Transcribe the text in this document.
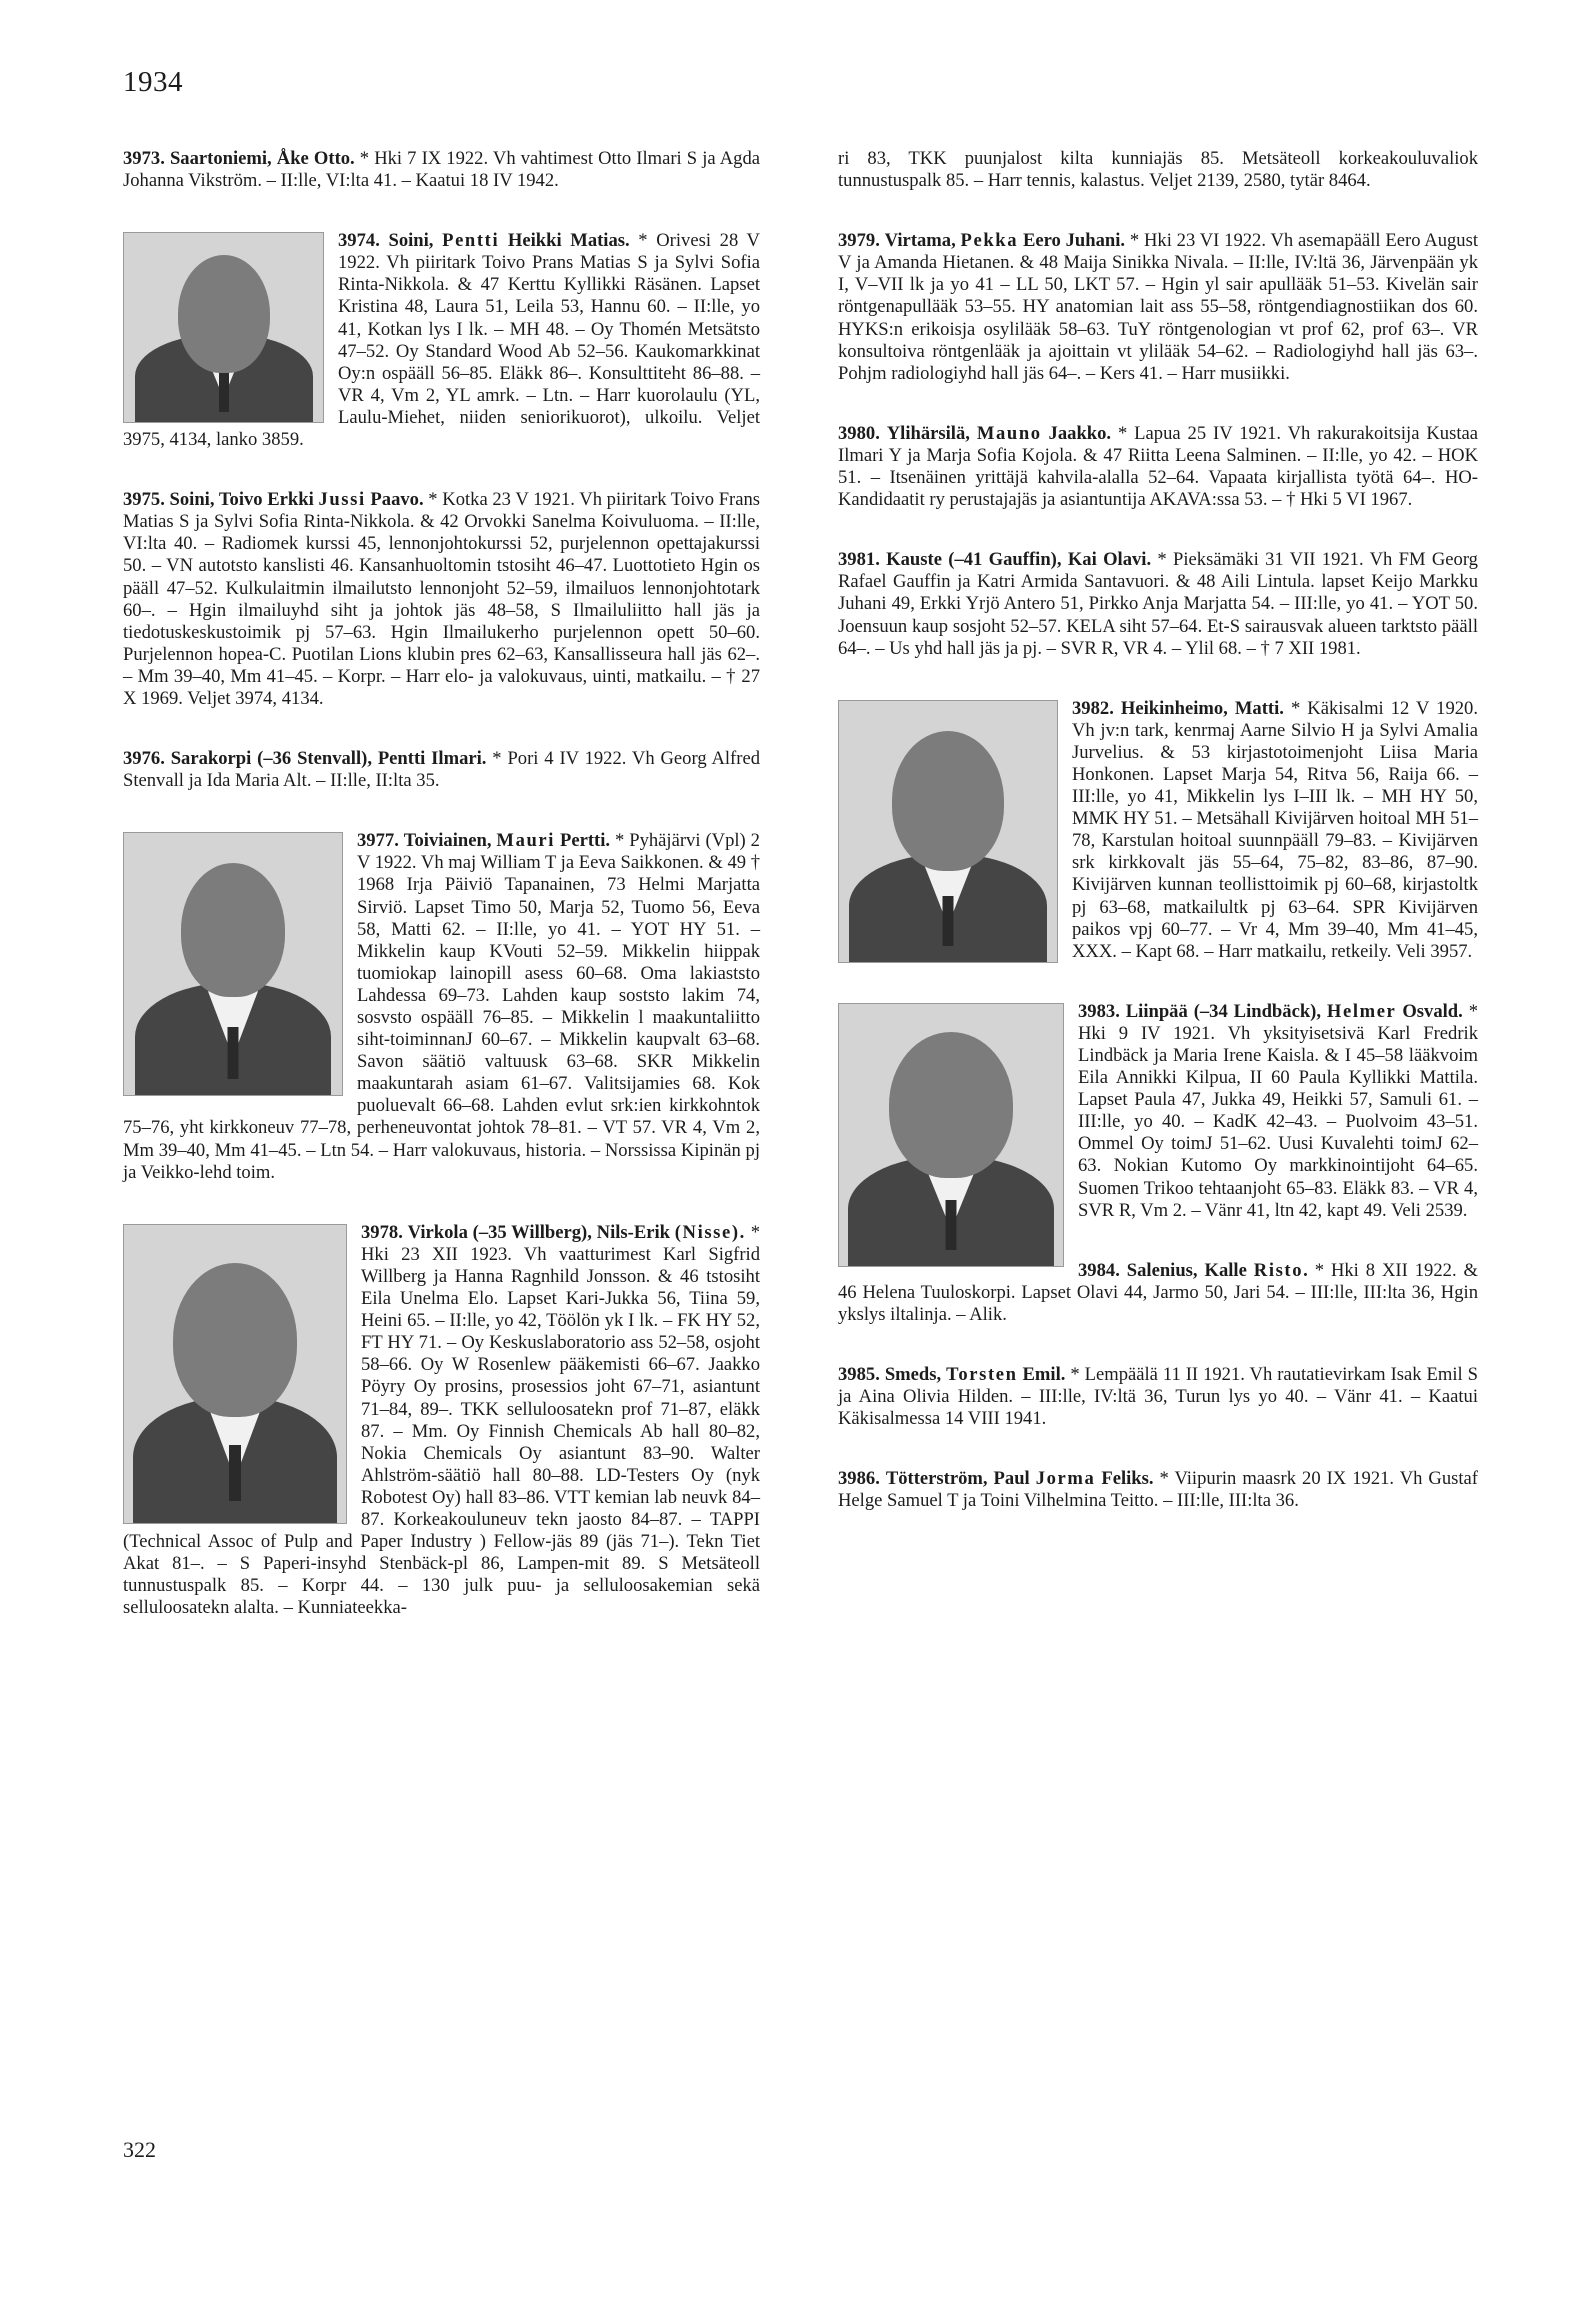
1934

3973. Saartoniemi, Åke Otto. * Hki 7 IX 1922. Vh vahtimest Otto Ilmari S ja Agda Johanna Vikström. – II:lle, VI:lta 41. – Kaatui 18 IV 1942.

3974. Soini, Pentti Heikki Matias.
* Orivesi 28 V 1922. Vh piiritark Toivo Prans Matias S ja Sylvi Sofia Rinta-Nikkola. & 47 Kerttu Kyllikki Räsänen. Lapset Kristina 48, Laura 51, Leila 53, Hannu 60. – II:lle, yo 41, Kotkan lys I lk. – MH 48. – Oy Thomén Metsätsto 47–52. Oy Standard Wood Ab 52–56. Kaukomarkkinat Oy:n ospääll 56–85. Eläkk 86–. Konsulttiteht 86–88. – VR 4, Vm 2, YL amrk. – Ltn. – Harr kuorolaulu (YL, Laulu-Miehet, niiden seniorikuorot), ulkoilu. Veljet 3975, 4134, lanko 3859.

3975. Soini, Toivo Erkki Jussi Paavo. * Kotka 23 V 1921. Vh piiritark Toivo Frans Matias S ja Sylvi Sofia Rinta-Nikkola. & 42 Orvokki Sanelma Koivuluoma. – II:lle, VI:lta 40. – Radiomek kurssi 45, lennonjohtokurssi 52, purjelennon opettajakurssi 50. – VN autotsto kanslisti 46. Kansanhuoltomin tstosiht 46–47. Luottotieto Hgin os pääll 47–52. Kulkulaitmin ilmailutsto lennonjoht 52–59, ilmailuos lennonjohtotark 60–. – Hgin ilmailuyhd siht ja johtok jäs 48–58, S Ilmailuliitto hall jäs ja tiedotuskeskustoimik pj 57–63. Hgin Ilmailukerho purjelennon opett 50–60. Purjelennon hopea-C. Puotilan Lions klubin pres 62–63, Kansallisseura hall jäs 62–. – Mm 39–40, Mm 41–45. – Korpr. – Harr elo- ja valokuvaus, uinti, matkailu. – † 27 X 1969. Veljet 3974, 4134.

3976. Sarakorpi (–36 Stenvall), Pentti Ilmari. * Pori 4 IV 1922. Vh Georg Alfred Stenvall ja Ida Maria Alt. – II:lle, II:lta 35.

3977. Toiviainen, Mauri Pertti.
* Pyhäjärvi (Vpl) 2 V 1922. Vh maj William T ja Eeva Saikkonen. & 49 † 1968 Irja Päiviö Tapanainen, 73 Helmi Marjatta Sirviö. Lapset Timo 50, Marja 52, Tuomo 56, Eeva 58, Matti 62. – II:lle, yo 41. – YOT HY 51. – Mikkelin kaup KVouti 52–59. Mikkelin hiippak tuomiokap lainopill asess 60–68. Oma lakiaststo Lahdessa 69–73. Lahden kaup soststo lakim 74, sosvsto ospääll 76–85. – Mikkelin l maakuntaliitto siht-toiminnanJ 60–67. – Mikkelin kaupvalt 63–68. Savon säätiö valtuusk 63–68. SKR Mikkelin maakuntarah asiam 61–67. Valitsijamies 68. Kok puoluevalt 66–68. Lahden evlut srk:ien kirkkohntok 75–76, yht kirkkoneuv 77–78, perheneuvontat johtok 78–81. – VT 57. VR 4, Vm 2, Mm 39–40, Mm 41–45. – Ltn 54. – Harr valokuvaus, historia. – Norssissa Kipinän pj ja Veikko-lehd toim.

3978. Virkola (–35 Willberg), Nils-Erik (Nisse).
* Hki 23 XII 1923. Vh vaatturimest Karl Sigfrid Willberg ja Hanna Ragnhild Jonsson. & 46 tstosiht Eila Unelma Elo. Lapset Kari-Jukka 56, Tiina 59, Heini 65. – II:lle, yo 42, Töölön yk I lk. – FK HY 52, FT HY 71. – Oy Keskuslaboratorio ass 52–58, osjoht 58–66. Oy W Rosenlew pääkemisti 66–67. Jaakko Pöyry Oy prosins, prosessios joht 67–71, asiantunt 71–84, 89–. TKK selluloosatekn prof 71–87, eläkk 87. – Mm. Oy Finnish Chemicals Ab hall 80–82, Nokia Chemicals Oy asiantunt 83–90. Walter Ahlström-säätiö hall 80–88. LD-Testers Oy (nyk Robotest Oy) hall 83–86. VTT kemian lab neuvk 84–87. Korkeakouluneuv tekn jaosto 84–87. – TAPPI (Technical Assoc of Pulp and Paper Industry ) Fellow-jäs 89 (jäs 71–). Tekn Tiet Akat 81–. – S Paperi-insyhd Stenbäck-pl 86, Lampen-mit 89. S Metsäteoll tunnustuspalk 85. – Korpr 44. – 130 julk puu- ja selluloosakemian sekä selluloosatekn alalta. – Kunniateekka-

ri 83, TKK puunjalost kilta kunniajäs 85. Metsäteoll korkeakouluvaliok tunnustuspalk 85. – Harr tennis, kalastus. Veljet 2139, 2580, tytär 8464.

3979. Virtama, Pekka Eero Juhani. * Hki 23 VI 1922. Vh asemapääll Eero August V ja Amanda Hietanen. & 48 Maija Sinikka Nivala. – II:lle, IV:ltä 36, Järvenpään yk I, V–VII lk ja yo 41 – LL 50, LKT 57. – Hgin yl sair apullääk 51–53. Kivelän sair röntgenapullääk 53–55. HY anatomian lait ass 55–58, röntgendiagnostiikan dos 60. HYKS:n erikoisja osylilääk 58–63. TuY röntgenologian vt prof 62, prof 63–. VR konsultoiva röntgenlääk ja ajoittain vt ylilääk 54–62. – Radiologiyhd hall jäs 63–. Pohjm radiologiyhd hall jäs 64–. – Kers 41. – Harr musiikki.

3980. Ylihärsilä, Mauno Jaakko. * Lapua 25 IV 1921. Vh rakurakoitsija Kustaa Ilmari Y ja Marja Sofia Kojola. & 47 Riitta Leena Salminen. – II:lle, yo 42. – HOK 51. – Itsenäinen yrittäjä kahvila-alalla 52–64. Vapaata kirjallista työtä 64–. HO-Kandidaatit ry perustajajäs ja asiantuntija AKAVA:ssa 53. – † Hki 5 VI 1967.

3981. Kauste (–41 Gauffin), Kai Olavi. * Pieksämäki 31 VII 1921. Vh FM Georg Rafael Gauffin ja Katri Armida Santavuori. & 48 Aili Lintula. lapset Keijo Markku Juhani 49, Erkki Yrjö Antero 51, Pirkko Anja Marjatta 54. – III:lle, yo 41. – YOT 50. Joensuun kaup sosjoht 52–57. KELA siht 57–64. Et-S sairausvak alueen tarktsto pääll 64–. – Us yhd hall jäs ja pj. – SVR R, VR 4. – Ylil 68. – † 7 XII 1981.

3982. Heikinheimo, Matti.
* Käkisalmi 12 V 1920. Vh jv:n tark, kenrmaj Aarne Silvio H ja Sylvi Amalia Jurvelius. & 53 kirjastotoimenjoht Liisa Maria Honkonen. Lapset Marja 54, Ritva 56, Raija 66. – III:lle, yo 41, Mikkelin lys I–III lk. – MH HY 50, MMK HY 51. – Metsähall Kivijärven hoitoal MH 51–78, Karstulan hoitoal suunnpääll 79–83. – Kivijärven srk kirkkovalt jäs 55–64, 75–82, 83–86, 87–90. Kivijärven kunnan teollisttoimik pj 60–68, kirjastoltk pj 63–68, matkailultk pj 63–64. SPR Kivijärven paikos vpj 60–77. – Vr 4, Mm 39–40, Mm 41–45, XXX. – Kapt 68. – Harr matkailu, retkeily. Veli 3957.

3983. Liinpää (–34 Lindbäck), Helmer Osvald.
* Hki 9 IV 1921. Vh yksityisetsivä Karl Fredrik Lindbäck ja Maria Irene Kaisla. & I 45–58 lääkvoim Eila Annikki Kilpua, II 60 Paula Kyllikki Mattila. Lapset Paula 47, Jukka 49, Heikki 57, Samuli 61. – III:lle, yo 40. – KadK 42–43. – Puolvoim 43–51. Ommel Oy toimJ 51–62. Uusi Kuvalehti toimJ 62–63. Nokian Kutomo Oy markkinointijoht 64–65. Suomen Trikoo tehtaanjoht 65–83. Eläkk 83. – VR 4, SVR R, Vm 2. – Vänr 41, ltn 42, kapt 49. Veli 2539.

3984. Salenius, Kalle Risto. * Hki 8 XII 1922. & 46 Helena Tuuloskorpi. Lapset Olavi 44, Jarmo 50, Jari 54. – III:lle, III:lta 36, Hgin ykslys iltalinja. – Alik.

3985. Smeds, Torsten Emil. * Lempäälä 11 II 1921. Vh rautatievirkam Isak Emil S ja Aina Olivia Hilden. – III:lle, IV:ltä 36, Turun lys yo 40. – Vänr 41. – Kaatui Käkisalmessa 14 VIII 1941.

3986. Tötterström, Paul Jorma Feliks. * Viipurin maasrk 20 IX 1921. Vh Gustaf Helge Samuel T ja Toini Vilhelmina Teitto. – III:lle, III:lta 36.

322
